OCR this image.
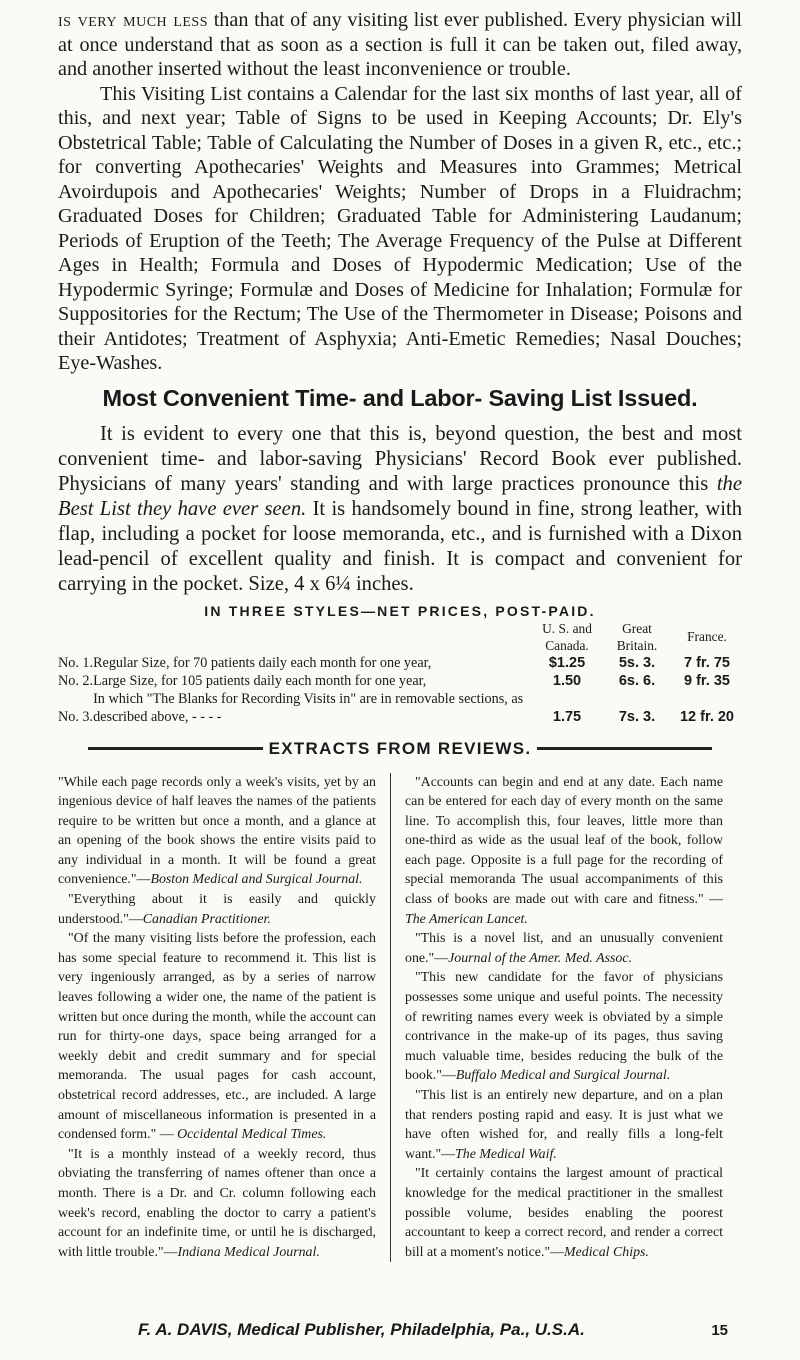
is very much less than that of any visiting list ever published. Every physician will at once understand that as soon as a section is full it can be taken out, filed away, and another inserted without the least inconvenience or trouble.

This Visiting List contains a Calendar for the last six months of last year, all of this, and next year; Table of Signs to be used in Keeping Accounts; Dr. Ely's Obstetrical Table; Table of Calculating the Number of Doses in a given R, etc., etc.; for converting Apothecaries' Weights and Measures into Grammes; Metrical Avoirdupois and Apothecaries' Weights; Number of Drops in a Fluidrachm; Graduated Doses for Children; Graduated Table for Administering Laudanum; Periods of Eruption of the Teeth; The Average Frequency of the Pulse at Different Ages in Health; Formula and Doses of Hypodermic Medication; Use of the Hypodermic Syringe; Formulæ and Doses of Medicine for Inhalation; Formulæ for Suppositories for the Rectum; The Use of the Thermometer in Disease; Poisons and their Antidotes; Treatment of Asphyxia; Anti-Emetic Remedies; Nasal Douches; Eye-Washes.

Most Convenient Time- and Labor- Saving List Issued.

It is evident to every one that this is, beyond question, the best and most convenient time- and labor-saving Physicians' Record Book ever published. Physicians of many years' standing and with large practices pronounce this the Best List they have ever seen. It is handsomely bound in fine, strong leather, with flap, including a pocket for loose memoranda, etc., and is furnished with a Dixon lead-pencil of excellent quality and finish. It is compact and convenient for carrying in the pocket. Size, 4 x 6¼ inches.

IN THREE STYLES—NET PRICES, POST-PAID.
		U. S. and Canada.	Great Britain.	France.
No. 1.	Regular Size, for 70 patients daily each month for one year,	$1.25	5s. 3.	7 fr. 75
No. 2.	Large Size, for 105 patients daily each month for one year,	1.50	6s. 6.	9 fr. 35
No. 3.	In which "The Blanks for Recording Visits in" are in removable sections, as described above, - - - -	1.75	7s. 3.	12 fr. 20
EXTRACTS FROM REVIEWS.

"While each page records only a week's visits, yet by an ingenious device of half leaves the names of the patients require to be written but once a month, and a glance at an opening of the book shows the entire visits paid to any individual in a month. It will be found a great convenience."—Boston Medical and Surgical Journal.

"Everything about it is easily and quickly understood."—Canadian Practitioner.

"Of the many visiting lists before the profession, each has some special feature to recommend it. This list is very ingeniously arranged, as by a series of narrow leaves following a wider one, the name of the patient is written but once during the month, while the account can run for thirty-one days, space being arranged for a weekly debit and credit summary and for special memoranda. The usual pages for cash account, obstetrical record addresses, etc., are included. A large amount of miscellaneous information is presented in a condensed form." — Occidental Medical Times.

"It is a monthly instead of a weekly record, thus obviating the transferring of names oftener than once a month. There is a Dr. and Cr. column following each week's record, enabling the doctor to carry a patient's account for an indefinite time, or until he is discharged, with little trouble."—Indiana Medical Journal.

"Accounts can begin and end at any date. Each name can be entered for each day of every month on the same line. To accomplish this, four leaves, little more than one-third as wide as the usual leaf of the book, follow each page. Opposite is a full page for the recording of special memoranda The usual accompaniments of this class of books are made out with care and fitness." —The American Lancet.

"This is a novel list, and an unusually convenient one."—Journal of the Amer. Med. Assoc.

"This new candidate for the favor of physicians possesses some unique and useful points. The necessity of rewriting names every week is obviated by a simple contrivance in the make-up of its pages, thus saving much valuable time, besides reducing the bulk of the book."—Buffalo Medical and Surgical Journal.

"This list is an entirely new departure, and on a plan that renders posting rapid and easy. It is just what we have often wished for, and really fills a long-felt want."—The Medical Waif.

"It certainly contains the largest amount of practical knowledge for the medical practitioner in the smallest possible volume, besides enabling the poorest accountant to keep a correct record, and render a correct bill at a moment's notice."—Medical Chips.

F. A. DAVIS, Medical Publisher, Philadelphia, Pa., U.S.A.	15
